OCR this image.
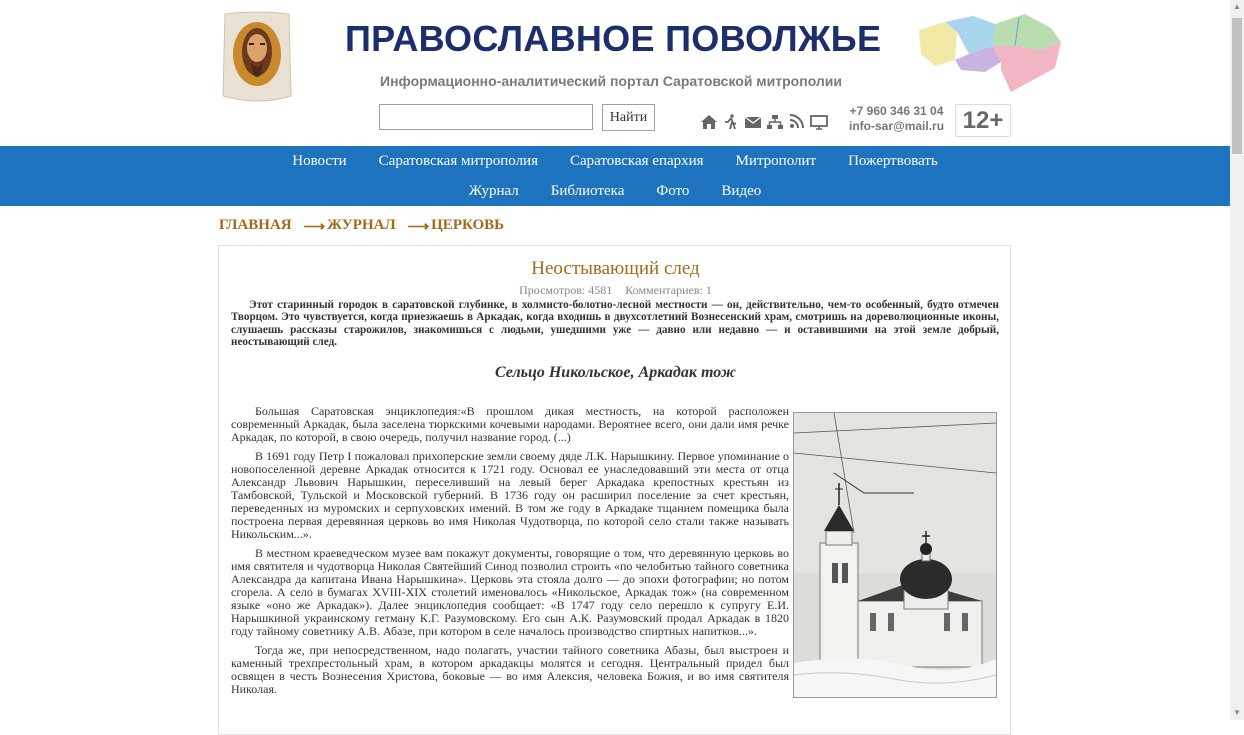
ПРАВОСЛАВНОЕ ПОВОЛЖЬЕ
Информационно-аналитический портал Саратовской митрополии
Найти	+7 960 346 31 04
info-sar@mail.ru 12+
Новости Саратовская митрополия Саратовская епархия Митрополит Пожертвовать
Журнал Библиотека Фото Видео
ГЛАВНАЯ ⟶ ЖУРНАЛ ⟶ ЦЕРКОВЬ
Неостывающий след
Просмотров: 4581 Комментариев: 1
Этот старинный городок в саратовской глубинке, в холмисто-болотно-лесной местности — он, действительно, чем-то особенный, будто отмечен Творцом. Это чувствуется, когда приезжаешь в Аркадак, когда входишь в двухсотлетний Вознесенский храм, смотришь на дореволюционные иконы, слушаешь рассказы старожилов, знакомишься с людьми, ушедшими уже — давно или недавно — и оставившими на этой земле добрый, неостывающий след.
Сельцо Никольское, Аркадак тож

Большая Саратовская энциклопедия:«В прошлом дикая местность, на которой расположен современный Аркадак, была заселена тюркскими кочевыми народами. Вероятнее всего, они дали имя речке Аркадак, по которой, в свою очередь, получил название город. (...)

В 1691 году Петр I пожаловал прихоперские земли своему дяде Л.К. Нарышкину. Первое упоминание о новопоселенной деревне Аркадак относится к 1721 году. Основал ее унаследовавший эти места от отца Александр Львович Нарышкин, переселивший на левый берег Аркадака крепостных крестьян из Тамбовской, Тульской и Московской губерний. В 1736 году он расширил поселение за счет крестьян, переведенных из муромских и серпуховских имений. В том же году в Аркадаке тщанием помещика была построена первая деревянная церковь во имя Николая Чудотворца, по которой село стали также называть Никольским...».

В местном краеведческом музее вам покажут документы, говорящие о том, что деревянную церковь во имя святителя и чудотворца Николая Святейший Синод позволил строить «по челобитью тайного советника Александра да капитана Ивана Нарышкина». Церковь эта стояла долго — до эпохи фотографии; но потом сгорела. А село в бумагах XVIII-XIX столетий именовалось «Никольское, Аркадак тож» (на современном языке «оно же Аркадак»). Далее энциклопедия сообщает: «В 1747 году село перешло к супругу Е.И. Нарышкиной украинскому гетману К.Г. Разумовскому. Его сын А.К. Разумовский продал Аркадак в 1820 году тайному советнику А.В. Абазе, при котором в селе началось производство спиртных напитков...».

Тогда же, при непосредственном, надо полагать, участии тайного советника Абазы, был выстроен и каменный трехпрестольный храм, в котором аркадакцы молятся и сегодня. Центральный придел был освящен в честь Вознесения Христова, боковые — во имя Алексия, человека Божия, и во имя святителя Николая.

▲
▼
